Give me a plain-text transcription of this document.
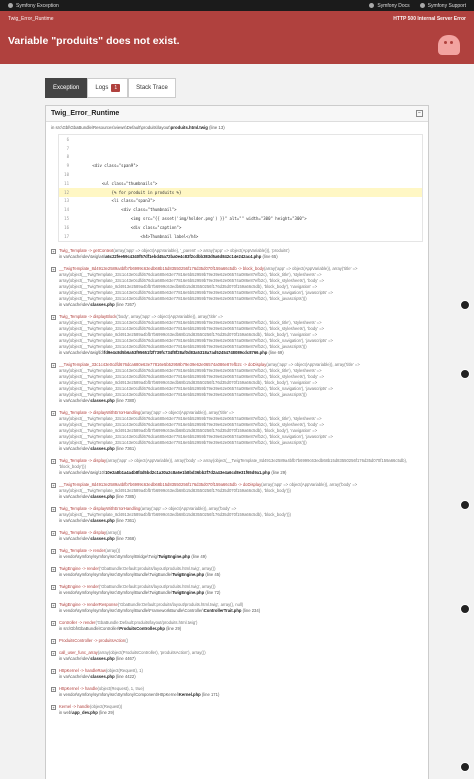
Symfony Exception	Symfony Docs	Symfony Support
Twig_Error_Runtime	HTTP 500 Internal Server Error
Variable "produits" does not exist.
Exception	Logs	1	Stack Trace
Twig_Error_Runtime	−
in src\Gbl\GbaBundle\Resources\views\Default\produits\layout\produits.html.twig (line 13)
6
7
8
9	<div class="span9">
10
11	<ul class="thumbnails">
12	{% for produit in produits %}
13	<li class="span3">
14	<div class="thumbnail">
15	<img src="{{ asset('img/holder.png') }}" alt="" width="300" height="300">
16	<div class="caption">
17	<h4>Thumbnail label</h4>
+	Twig_Template -> getContext(array('app' => object(AppVariable), '_parent' => array('app' => object(AppVariable))), 'produits')
in var\cache\dev\twig\a6\a6c22fee59c4340f57df1ebd45a72ba0e4c83f2cdbb383d5a6d842c14e242ac4.php (line 65)
+	__TwigTemplate_8d4913e2589a4bfb7b6999c63edb68b15d83550256f176d35d070f159a66c5db -> block_body(array('app' => object(AppVariable)), array('title' => array(object(__TwigTemplate_33c1c43e0cdfd676dca680e63e77816e5b52959b79e39e62e06574a086e87efb2c), 'block_title'), 'stylesheets' => array(object(__TwigTemplate_33c1c43e0cdfd676dca680e63e77816e5b52959b79e39e62e06574a086e87efb2c), 'block_stylesheets'), 'body' => array(object(__TwigTemplate_8d4913e2589a4bfb7b6999c63edb68b15d83550256f176d35d070f159a66c5db), 'block_body'), 'navigation' => array(object(__TwigTemplate_33c1c43e0cdfd676dca680e63e77816e5b52959b79e39e62e06574a086e87efb2c), 'block_navigation'), 'javascripts' => array(object(__TwigTemplate_33c1c43e0cdfd676dca680e63e77816e5b52959b79e39e62e06574a086e87efb2c), 'block_javascripts')))
in var\cache\dev\classes.php (line 7267)
+	Twig_Template -> displayBlock('body', array('app' => object(AppVariable)), array('title' => array(object(__TwigTemplate_33c1c43e0cdfd676dca680e63e77816e5b52959b79e39e62e06574a086e87efb2c), 'block_title'), 'stylesheets' => array(object(__TwigTemplate_33c1c43e0cdfd676dca680e63e77816e5b52959b79e39e62e06574a086e87efb2c), 'block_stylesheets'), 'body' => array(object(__TwigTemplate_8d4913e2589a4bfb7b6999c63edb68b15d83550256f176d35d070f159a66c5db), 'block_body'), 'navigation' => array(object(__TwigTemplate_33c1c43e0cdfd676dca680e63e77816e5b52959b79e39e62e06574a086e87efb2c), 'block_navigation'), 'javascripts' => array(object(__TwigTemplate_33c1c43e0cdfd676dca680e63e77816e5b52959b79e39e62e06574a086e87efb2c), 'block_javascripts')))
in var\cache\dev\twig\fd\fd9e4c8d5b6a53f95651f2f739fc734f8f28af0d83a5318a7ad52454748089cdc8766.php (line 69)
+	__TwigTemplate_33c1c43e0cdfd676dca680e63e77816e5b52959b79e39e62e06574a086e87efb2c -> doDisplay(array('app' => object(AppVariable)), array('title' => array(object(__TwigTemplate_33c1c43e0cdfd676dca680e63e77816e5b52959b79e39e62e06574a086e87efb2c), 'block_title'), 'stylesheets' => array(object(__TwigTemplate_33c1c43e0cdfd676dca680e63e77816e5b52959b79e39e62e06574a086e87efb2c), 'block_stylesheets'), 'body' => array(object(__TwigTemplate_8d4913e2589a4bfb7b6999c63edb68b15d83550256f176d35d070f159a66c5db), 'block_body'), 'navigation' => array(object(__TwigTemplate_33c1c43e0cdfd676dca680e63e77816e5b52959b79e39e62e06574a086e87efb2c), 'block_navigation'), 'javascripts' => array(object(__TwigTemplate_33c1c43e0cdfd676dca680e63e77816e5b52959b79e39e62e06574a086e87efb2c), 'block_javascripts')))
in var\cache\dev\classes.php (line 7380)
+	Twig_Template -> displayWithErrorHandling(array('app' => object(AppVariable)), array('title' => array(object(__TwigTemplate_33c1c43e0cdfd676dca680e63e77816e5b52959b79e39e62e06574a086e87efb2c), 'block_title'), 'stylesheets' => array(object(__TwigTemplate_33c1c43e0cdfd676dca680e63e77816e5b52959b79e39e62e06574a086e87efb2c), 'block_stylesheets'), 'body' => array(object(__TwigTemplate_8d4913e2589a4bfb7b6999c63edb68b15d83550256f176d35d070f159a66c5db), 'block_body'), 'navigation' => array(object(__TwigTemplate_33c1c43e0cdfd676dca680e63e77816e5b52959b79e39e62e06574a086e87efb2c), 'block_navigation'), 'javascripts' => array(object(__TwigTemplate_33c1c43e0cdfd676dca680e63e77816e5b52959b79e39e62e06574a086e87efb2c), 'block_javascripts')))
in var\cache\dev\classes.php (line 7361)
+	Twig_Template -> display(array('app' => object(AppVariable)), array('body' => array(object(__TwigTemplate_8d4913e2589a4bfb7b6999c63edb68b15d83550256f176d35d070f159a66c5db), 'block_body')))
in var\cache\dev\twig\10\10e2a8b1a4a4b8f4d5bd2c1a30a2c8a6e1b8bd36bb2f7d2a43e4a6cd8e31f65d9a1.php (line 29)
+	__TwigTemplate_8d4913e2589a4bfb7b6999c63edb68b15d83550256f176d35d070f159a66c5db -> doDisplay(array('app' => object(AppVariable)), array('body' => array(object(__TwigTemplate_8d4913e2589a4bfb7b6999c63edb68b15d83550256f176d35d070f159a66c5db), 'block_body')))
in var\cache\dev\classes.php (line 7385)
+	Twig_Template -> displayWithErrorHandling(array('app' => object(AppVariable)), array('body' => array(object(__TwigTemplate_8d4913e2589a4bfb7b6999c63edb68b15d83550256f176d35d070f159a66c5db), 'block_body')))
in var\cache\dev\classes.php (line 7361)
+	Twig_Template -> display(array())
in var\cache\dev\classes.php (line 7368)
+	Twig_Template -> render(array())
in vendor\symfony\symfony\src\Symfony\Bridge\Twig\TwigEngine.php (line 49)
+	TwigEngine -> render('GbaBundle:Default:produits/layout/produits.html.twig', array())
in vendor\symfony\symfony\src\Symfony\Bundle\TwigBundle\TwigEngine.php (line 45)
+	TwigEngine -> render('GbaBundle:Default:produits/layout/produits.html.twig', array())
in vendor\symfony\symfony\src\Symfony\Bundle\TwigBundle\TwigEngine.php (line 72)
+	TwigEngine -> renderResponse('GbaBundle:Default:produits/layout/produits.html.twig', array(), null)
in vendor\symfony\symfony\src\Symfony\Bundle\FrameworkBundle\Controller\ControllerTrait.php (line 234)
+	Controller -> render('GbaBundle:Default:produits/layout/produits.html.twig')
in src\Gbl\GbaBundle\Controller\ProduitsController.php (line 29)
+	ProduitsController -> produitsAction()
+	call_user_func_array(array(object(ProduitsController), 'produitsAction'), array())
in var\cache\dev\classes.php (line 4467)
+	HttpKernel -> handleRaw(object(Request), 1)
in var\cache\dev\classes.php (line 4422)
+	HttpKernel -> handle(object(Request), 1, true)
in vendor\symfony\symfony\src\Symfony\Component\HttpKernel\Kernel.php (line 171)
+	Kernel -> handle(object(Request))
in web\app_dev.php (line 29)
